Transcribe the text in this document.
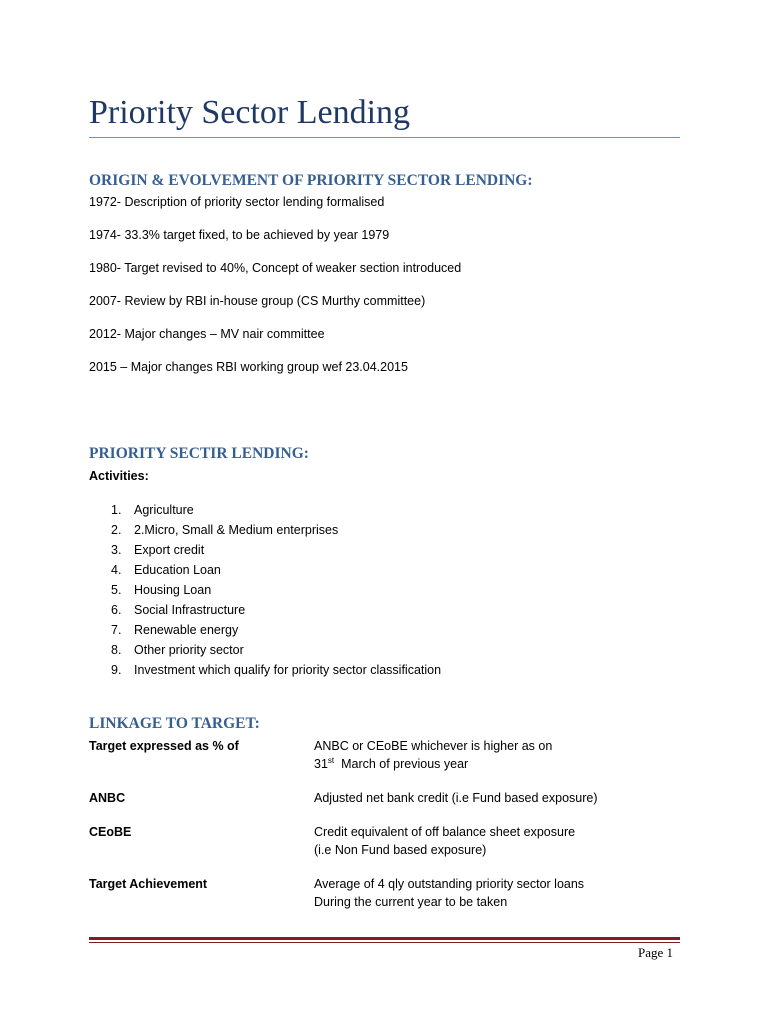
Priority Sector Lending
ORIGIN & EVOLVEMENT OF PRIORITY SECTOR LENDING:
1972- Description of priority sector lending formalised
1974- 33.3% target fixed, to be achieved by year 1979
1980- Target revised to 40%, Concept of weaker section introduced
2007- Review by RBI in-house group (CS Murthy committee)
2012- Major changes – MV nair committee
2015 – Major changes RBI working group wef 23.04.2015
PRIORITY SECTIR LENDING:
Activities:
1.	Agriculture
2.	2.Micro, Small & Medium enterprises
3.	Export credit
4.	Education Loan
5.	Housing Loan
6.	Social Infrastructure
7.	Renewable energy
8.	Other priority sector
9.	Investment which qualify for priority sector classification
LINKAGE TO TARGET:
Target expressed as % of	ANBC or CEoBE whichever is higher as on
31st  March of previous year
ANBC	Adjusted net bank credit (i.e Fund based exposure)
CEoBE	Credit equivalent of off balance sheet exposure
(i.e Non Fund based exposure)
Target Achievement	Average of 4 qly outstanding priority sector loans
During the current year to be taken
Page 1
